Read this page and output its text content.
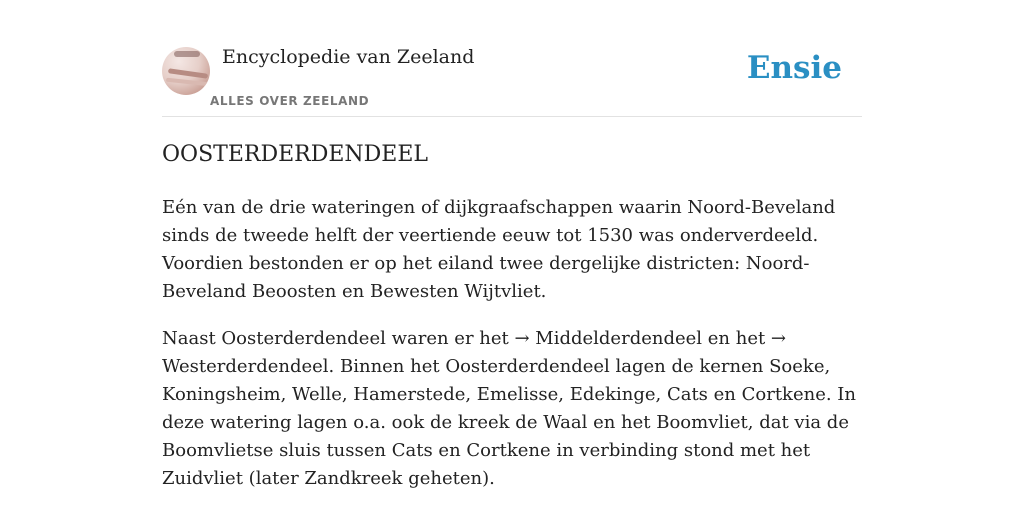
Encyclopedie van Zeeland
ALLES OVER ZEELAND
Ensie
OOSTERDERDENDEEL

Eén van de drie wateringen of dijkgraafschappen waarin Noord-Beveland sinds de tweede helft der veertiende eeuw tot 1530 was onderverdeeld. Voordien bestonden er op het eiland twee dergelijke districten: Noord-Beveland Beoosten en Bewesten Wijtvliet.

Naast Oosterderdendeel waren er het → Middelderdendeel en het → Westerderdendeel. Binnen het Oosterderdendeel lagen de kernen Soeke, Koningsheim, Welle, Hamerstede, Emelisse, Edekinge, Cats en Cortkene. In deze watering lagen o.a. ook de kreek de Waal en het Boomvliet, dat via de Boomvlietse sluis tussen Cats en Cortkene in verbinding stond met het Zuidvliet (later Zandkreek geheten).
